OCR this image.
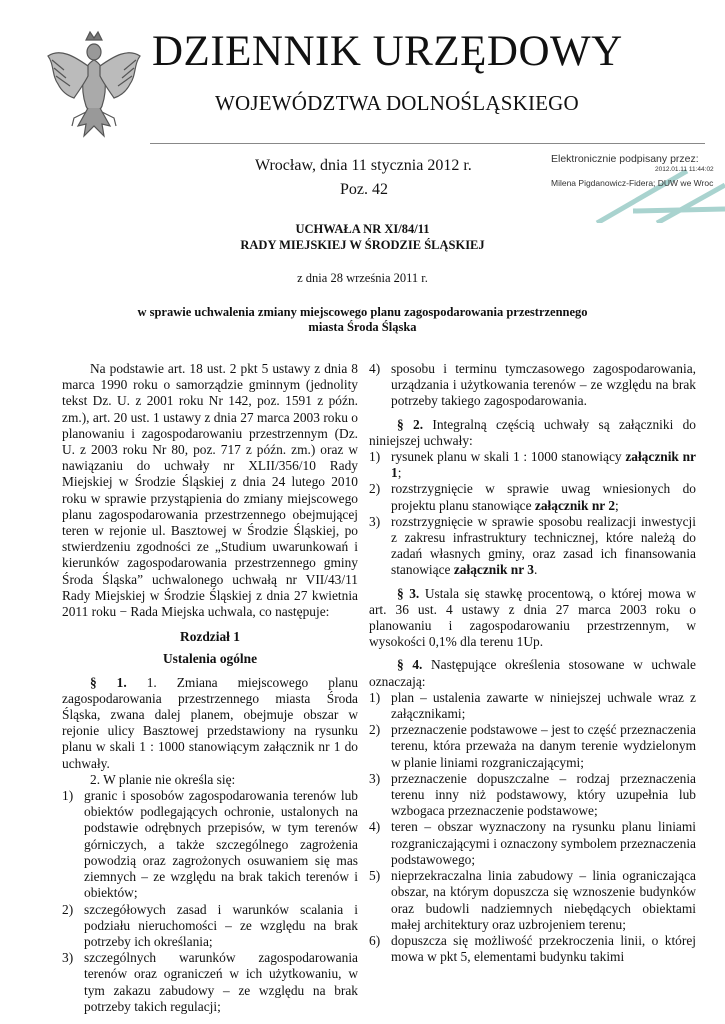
DZIENNIK URZĘDOWY
WOJEWÓDZTWA DOLNOŚLĄSKIEGO
Wrocław, dnia 11 stycznia 2012 r.
Poz. 42
Elektronicznie podpisany przez:
2012.01.11 11:44:02
Milena Pigdanowicz-Fidera; DUW we Wroc
UCHWAŁA NR XI/84/11
RADY MIEJSKIEJ W ŚRODZIE ŚLĄSKIEJ
z dnia 28 września 2011 r.
w sprawie uchwalenia zmiany miejscowego planu zagospodarowania przestrzennego
miasta Środa Śląska

Na podstawie art. 18 ust. 2 pkt 5 ustawy z dnia 8 marca 1990 roku o samorządzie gminnym (jednolity tekst Dz. U. z 2001 roku Nr 142, poz. 1591 z późn. zm.), art. 20 ust. 1 ustawy z dnia 27 marca 2003 roku o planowaniu i zagospodarowaniu przestrzennym (Dz. U. z 2003 roku Nr 80, poz. 717 z późn. zm.) oraz w nawiązaniu do uchwały nr XLII/356/10 Rady Miejskiej w Środzie Śląskiej z dnia 24 lutego 2010 roku w sprawie przystąpienia do zmiany miejscowego planu zagospodarowania przestrzennego obejmującej teren w rejonie ul. Basztowej w Środzie Śląskiej, po stwierdzeniu zgodności ze „Studium uwarunkowań i kierunków zagospodarowania przestrzennego gminy Środa Śląska” uchwalonego uchwałą nr VII/43/11 Rady Miejskiej w Środzie Śląskiej z dnia 27 kwietnia 2011 roku − Rada Miejska uchwala, co następuje:

Rozdział 1

Ustalenia ogólne

§ 1. 1. Zmiana miejscowego planu zagospodarowania przestrzennego miasta Środa Śląska, zwana dalej planem, obejmuje obszar w rejonie ulicy Basztowej przedstawiony na rysunku planu w skali 1 : 1000 stanowiącym załącznik nr 1 do uchwały.

2. W planie nie określa się:

1) granic i sposobów zagospodarowania terenów lub obiektów podlegających ochronie, ustalonych na podstawie odrębnych przepisów, w tym terenów górniczych, a także szczególnego zagrożenia powodzią oraz zagrożonych osuwaniem się mas ziemnych – ze względu na brak takich terenów i obiektów;
2) szczegółowych zasad i warunków scalania i podziału nieruchomości – ze względu na brak potrzeby ich określania;
3) szczególnych warunków zagospodarowania terenów oraz ograniczeń w ich użytkowaniu, w tym zakazu zabudowy – ze względu na brak potrzeby takich regulacji;
4) sposobu i terminu tymczasowego zagospodarowania, urządzania i użytkowania terenów – ze względu na brak potrzeby takiego zagospodarowania.

§ 2. Integralną częścią uchwały są załączniki do niniejszej uchwały:

1) rysunek planu w skali 1 : 1000 stanowiący załącznik nr 1;
2) rozstrzygnięcie w sprawie uwag wniesionych do projektu planu stanowiące załącznik nr 2;
3) rozstrzygnięcie w sprawie sposobu realizacji inwestycji z zakresu infrastruktury technicznej, które należą do zadań własnych gminy, oraz zasad ich finansowania stanowiące załącznik nr 3.

§ 3. Ustala się stawkę procentową, o której mowa w art. 36 ust. 4 ustawy z dnia 27 marca 2003 roku o planowaniu i zagospodarowaniu przestrzennym, w wysokości 0,1% dla terenu 1Up.

§ 4. Następujące określenia stosowane w uchwale oznaczają:

1) plan – ustalenia zawarte w niniejszej uchwale wraz z załącznikami;
2) przeznaczenie podstawowe – jest to część przeznaczenia terenu, która przeważa na danym terenie wydzielonym w planie liniami rozgraniczającymi;
3) przeznaczenie dopuszczalne – rodzaj przeznaczenia terenu inny niż podstawowy, który uzupełnia lub wzbogaca przeznaczenie podstawowe;
4) teren – obszar wyznaczony na rysunku planu liniami rozgraniczającymi i oznaczony symbolem przeznaczenia podstawowego;
5) nieprzekraczalna linia zabudowy – linia ograniczająca obszar, na którym dopuszcza się wznoszenie budynków oraz budowli nadziemnych niebędących obiektami małej architektury oraz uzbrojeniem terenu;
6) dopuszcza się możliwość przekroczenia linii, o której mowa w pkt 5, elementami budynku takimi
